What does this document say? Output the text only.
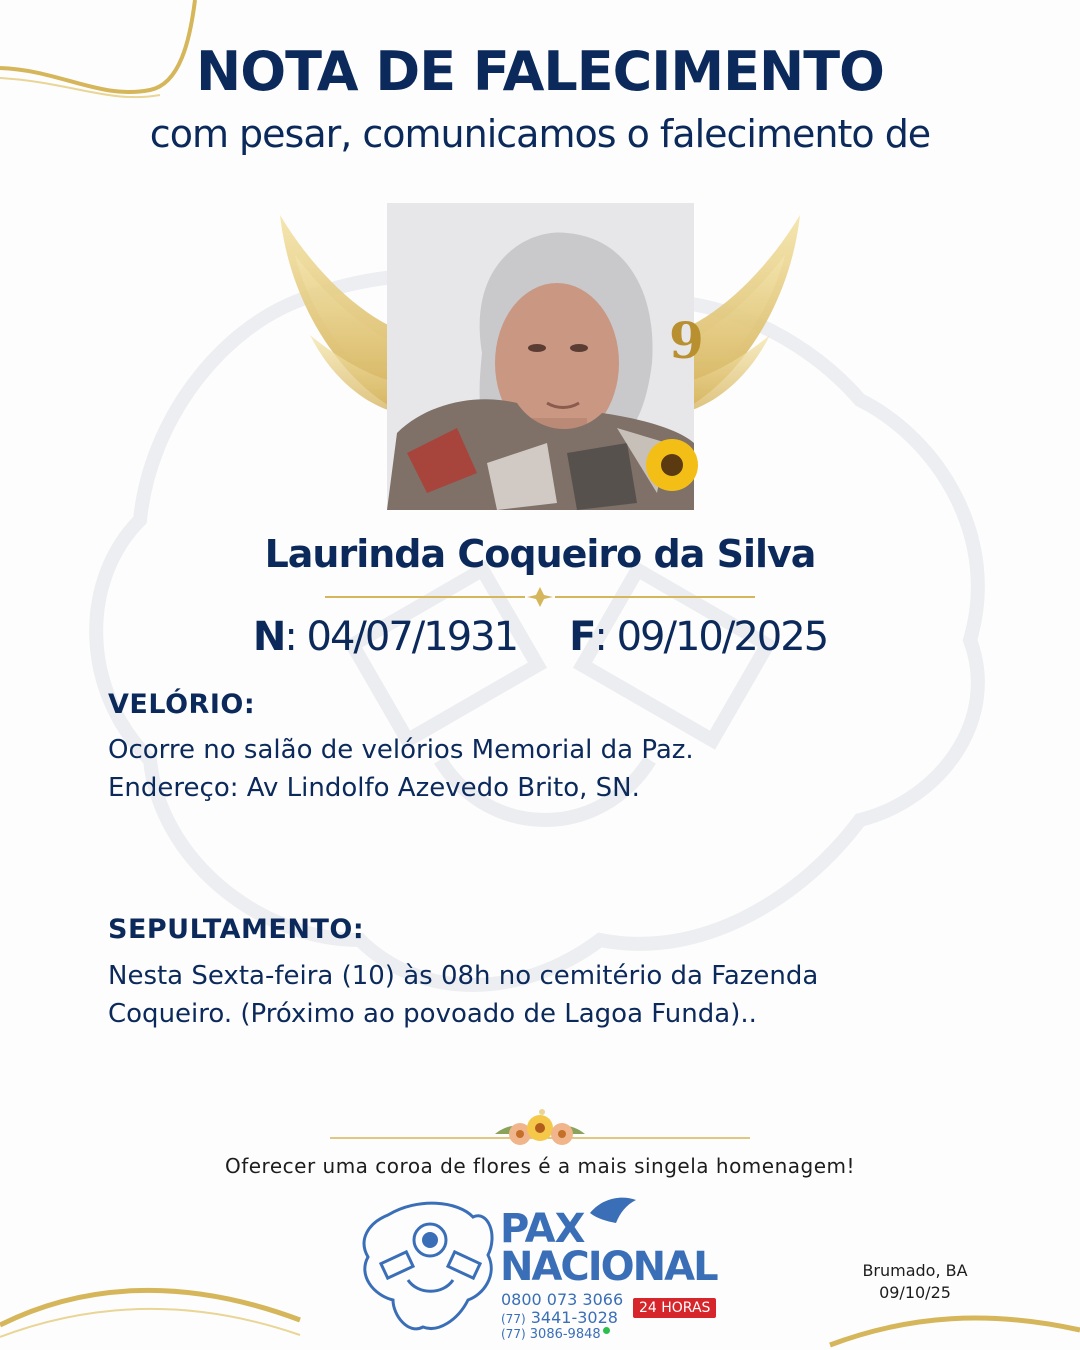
NOTA DE FALECIMENTO
com pesar, comunicamos o falecimento de
9
Laurinda Coqueiro da Silva
N: 04/07/1931 F: 09/10/2025
VELÓRIO:
Ocorre no salão de velórios Memorial da Paz.
Endereço: Av Lindolfo Azevedo Brito, SN.
SEPULTAMENTO:
Nesta Sexta-feira (10) às 08h no cemitério da Fazenda
Coqueiro. (Próximo ao povoado de Lagoa Funda)..
Oferecer uma coroa de flores é a mais singela homenagem!
PAX
NACIONAL
0800 073 3066
(77) 3441-3028
(77) 3086-9848
24 HORAS
Brumado, BA
09/10/25
